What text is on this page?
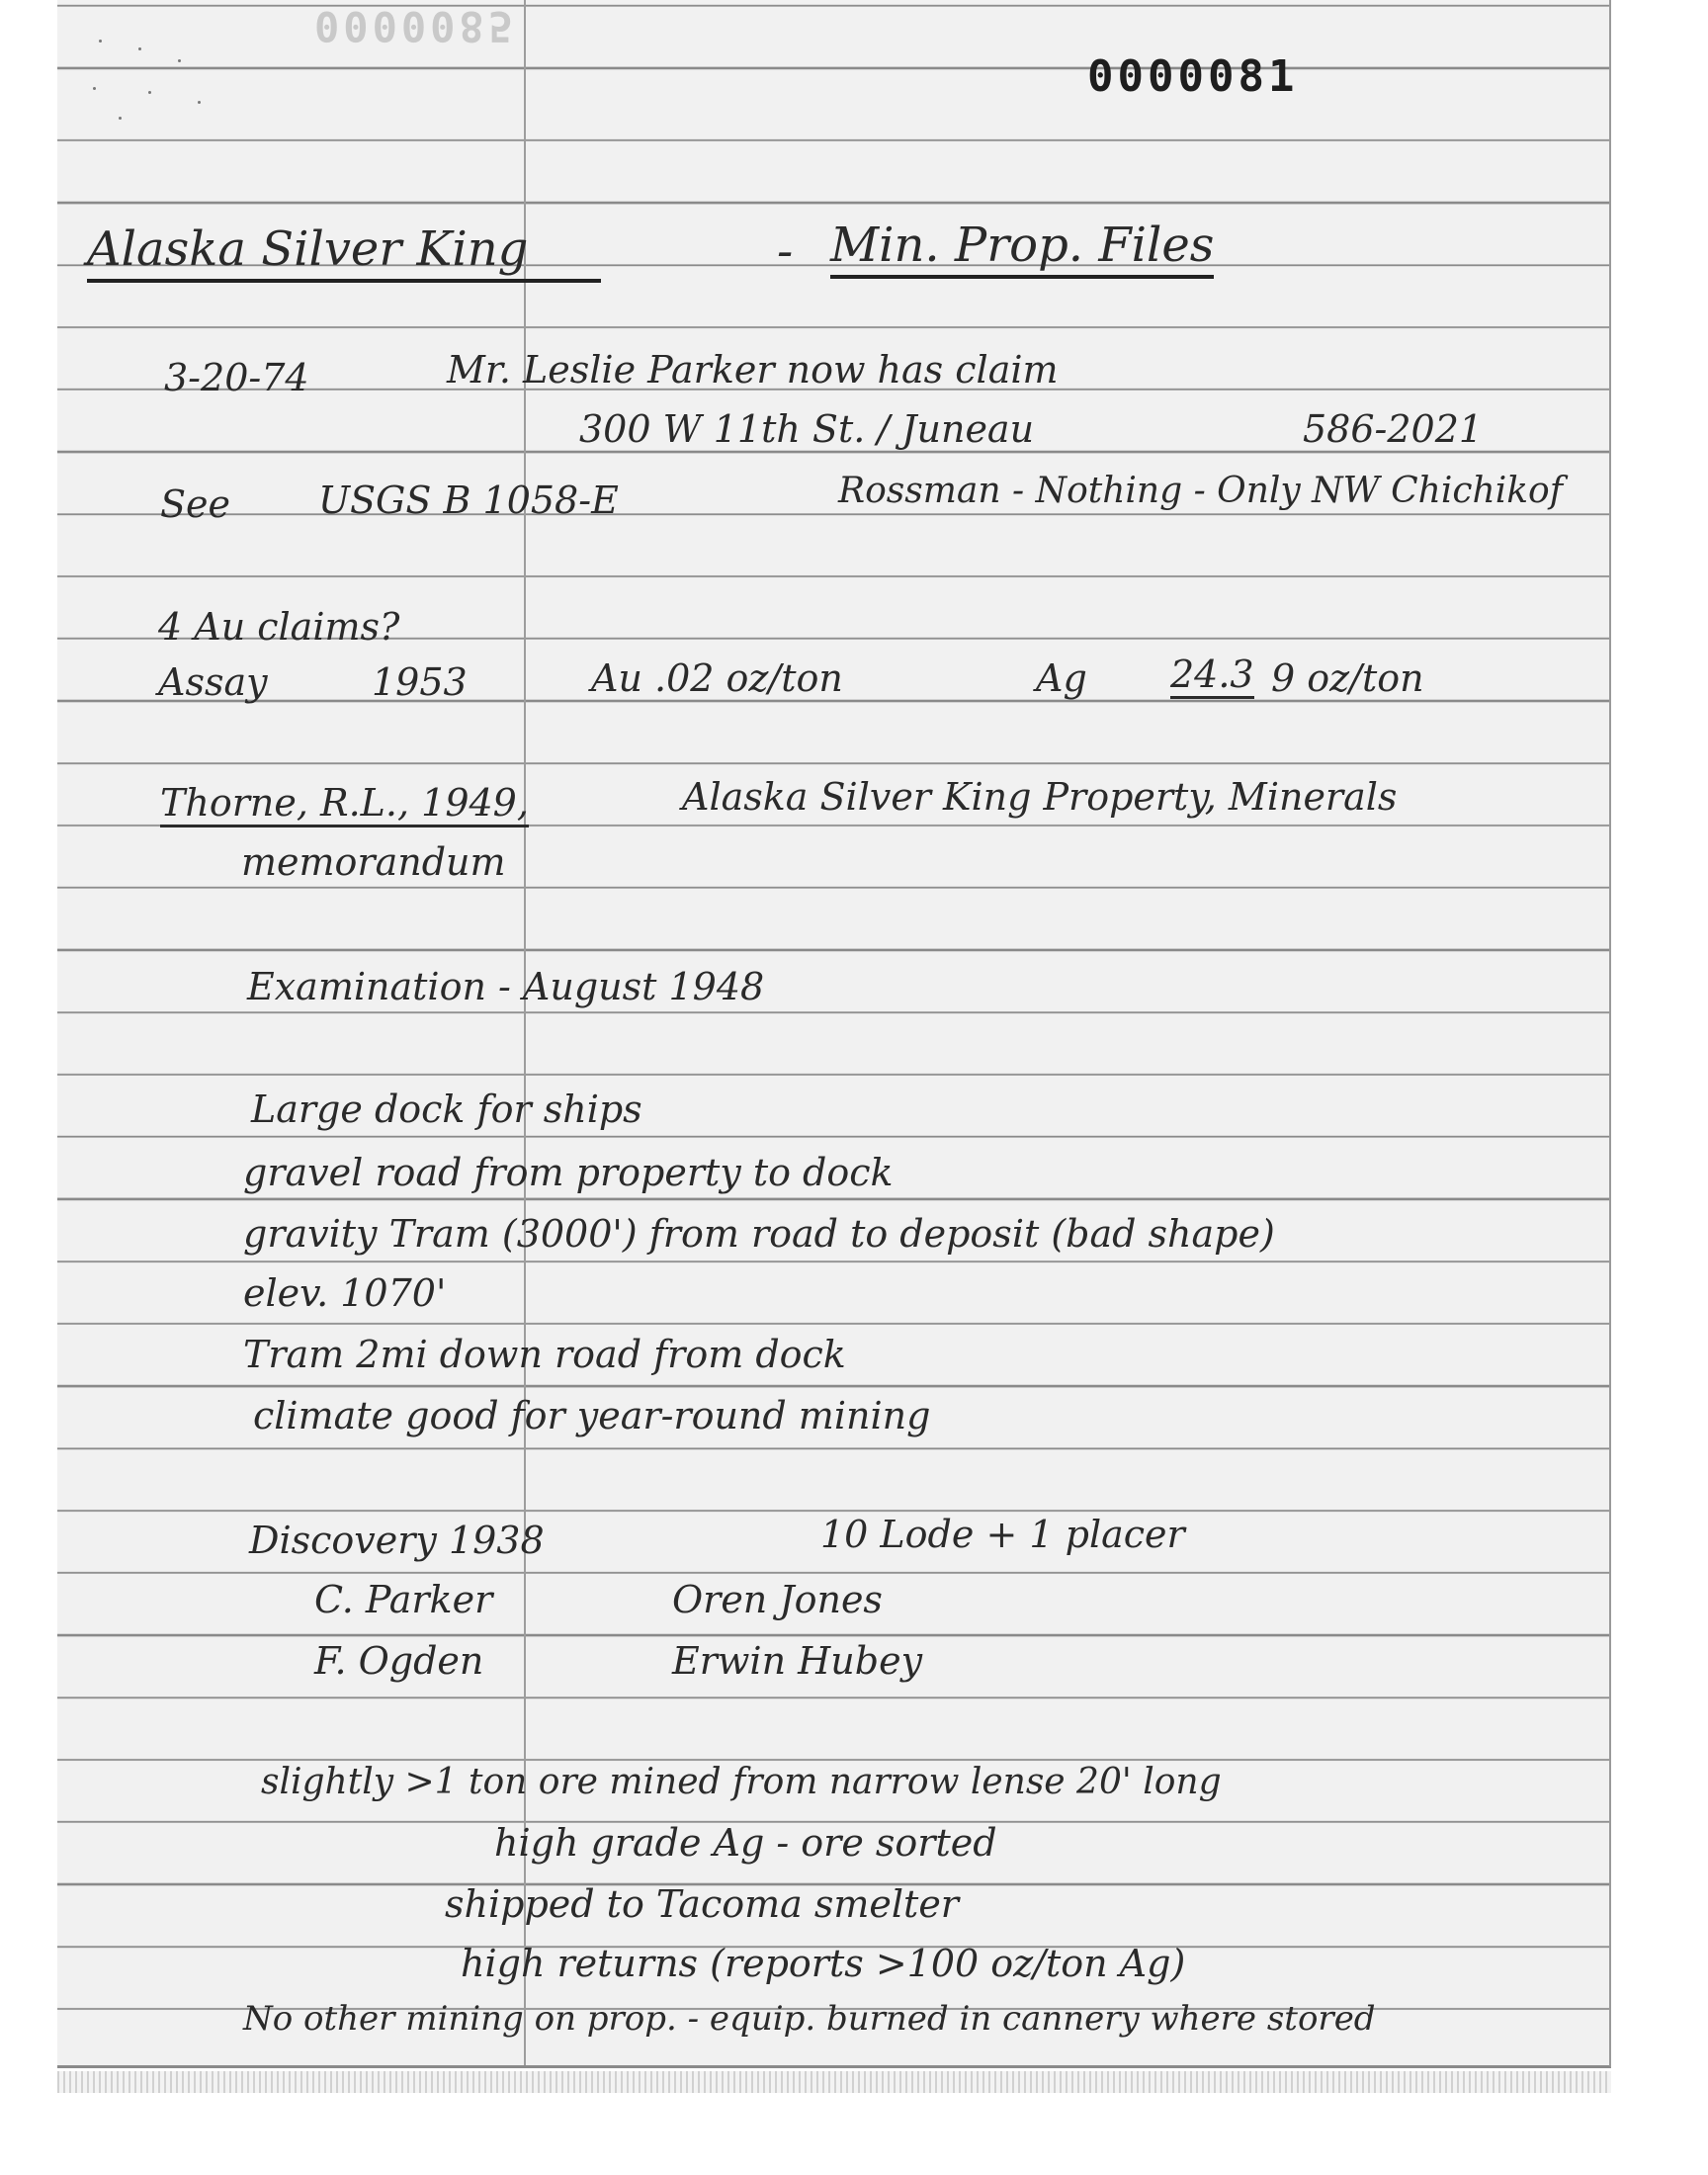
0000085
0000081
Alaska Silver King	- Min. Prop. Files
3-20-74	Mr. Leslie Parker now has claim
300 W 11th St. / Juneau	586-2021
See USGS B 1058-E	Rossman - Nothing - Only NW Chichikof
4 Au claims?
Assay	1953	Au .02 oz/ton	Ag 24.3 9 oz/ton
Thorne, R.L., 1949,	Alaska Silver King Property, Minerals
memorandum
Examination - August 1948
Large dock for ships
gravel road from property to dock
gravity Tram (3000') from road to deposit (bad shape)
elev. 1070'
Tram 2mi down road from dock
climate good for year-round mining
Discovery 1938	10 Lode + 1 placer
C. Parker	Oren Jones
F. Ogden	Erwin Hubey
slightly >1 ton ore mined from narrow lense 20' long
high grade Ag - ore sorted
shipped to Tacoma smelter
high returns (reports >100 oz/ton Ag)
No other mining on prop. - equip. burned in cannery where stored
